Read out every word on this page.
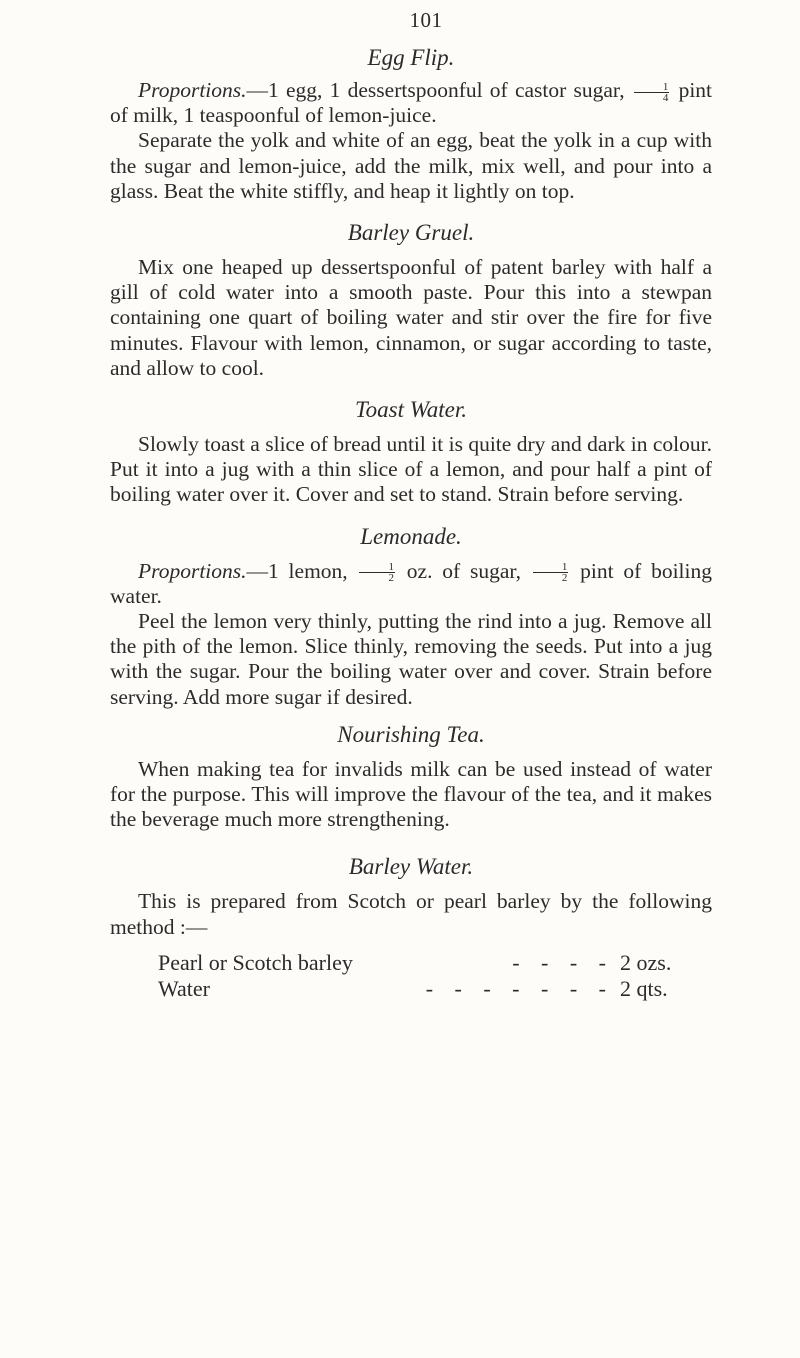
101
Egg Flip.

Proportions.—1 egg, 1 dessertspoonful of castor sugar, $\frac{1}{4}$ pint of milk, 1 teaspoonful of lemon-juice.

Separate the yolk and white of an egg, beat the yolk in a cup with the sugar and lemon-juice, add the milk, mix well, and pour into a glass. Beat the white stiffly, and heap it lightly on top.

Barley Gruel.

Mix one heaped up dessertspoonful of patent barley with half a gill of cold water into a smooth paste. Pour this into a stewpan containing one quart of boiling water and stir over the fire for five minutes. Flavour with lemon, cinnamon, or sugar according to taste, and allow to cool.

Toast Water.

Slowly toast a slice of bread until it is quite dry and dark in colour. Put it into a jug with a thin slice of a lemon, and pour half a pint of boiling water over it. Cover and set to stand. Strain before serving.

Lemonade.

Proportions.—1 lemon, $\frac{1}{2}$ oz. of sugar, $\frac{1}{2}$ pint of boiling water.

Peel the lemon very thinly, putting the rind into a jug. Remove all the pith of the lemon. Slice thinly, removing the seeds. Put into a jug with the sugar. Pour the boiling water over and cover. Strain before serving. Add more sugar if desired.

Nourishing Tea.

When making tea for invalids milk can be used instead of water for the purpose. This will improve the flavour of the tea, and it makes the beverage much more strengthening.

Barley Water.

This is prepared from Scotch or pearl barley by the following method :—

Pearl or Scotch barley	- - - - 2 ozs.
Water	- - - - - - - 2 qts.
